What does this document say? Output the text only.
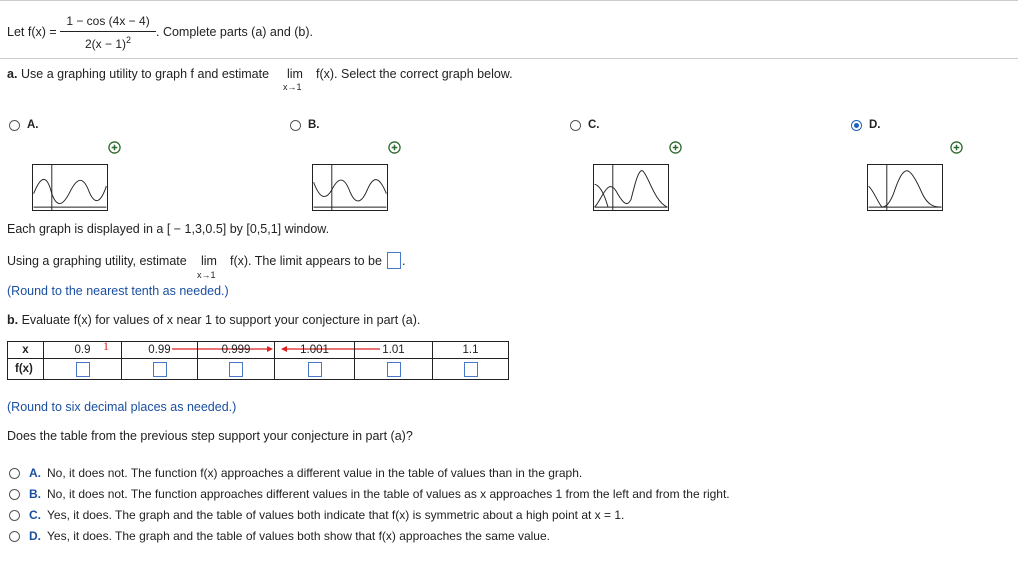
Let f(x) =
1 − cos (4x − 4)
$2(x - 1)^2$
. Complete parts (a) and (b).
a. Use a graphing utility to graph f and estimate lim
x→1
f(x). Select the correct graph below.
A.	B.	C.	D.
Each graph is displayed in a [ − 1,3,0.5] by [0,5,1] window.
Using a graphing utility, estimate lim
x→1
f(x). The limit appears to be .
(Round to the nearest tenth as needed.)
b. Evaluate f(x) for values of x near 1 to support your conjecture in part (a).
1
x	0.9	0.99	0.999	1.001	1.01	1.1
f(x)						
(Round to six decimal places as needed.)
Does the table from the previous step support your conjecture in part (a)?
A. No, it does not. The function f(x) approaches a different value in the table of values than in the graph.
B. No, it does not. The function approaches different values in the table of values as x approaches 1 from the left and from the right.
C. Yes, it does. The graph and the table of values both indicate that f(x) is symmetric about a high point at x = 1.
D. Yes, it does. The graph and the table of values both show that f(x) approaches the same value.
